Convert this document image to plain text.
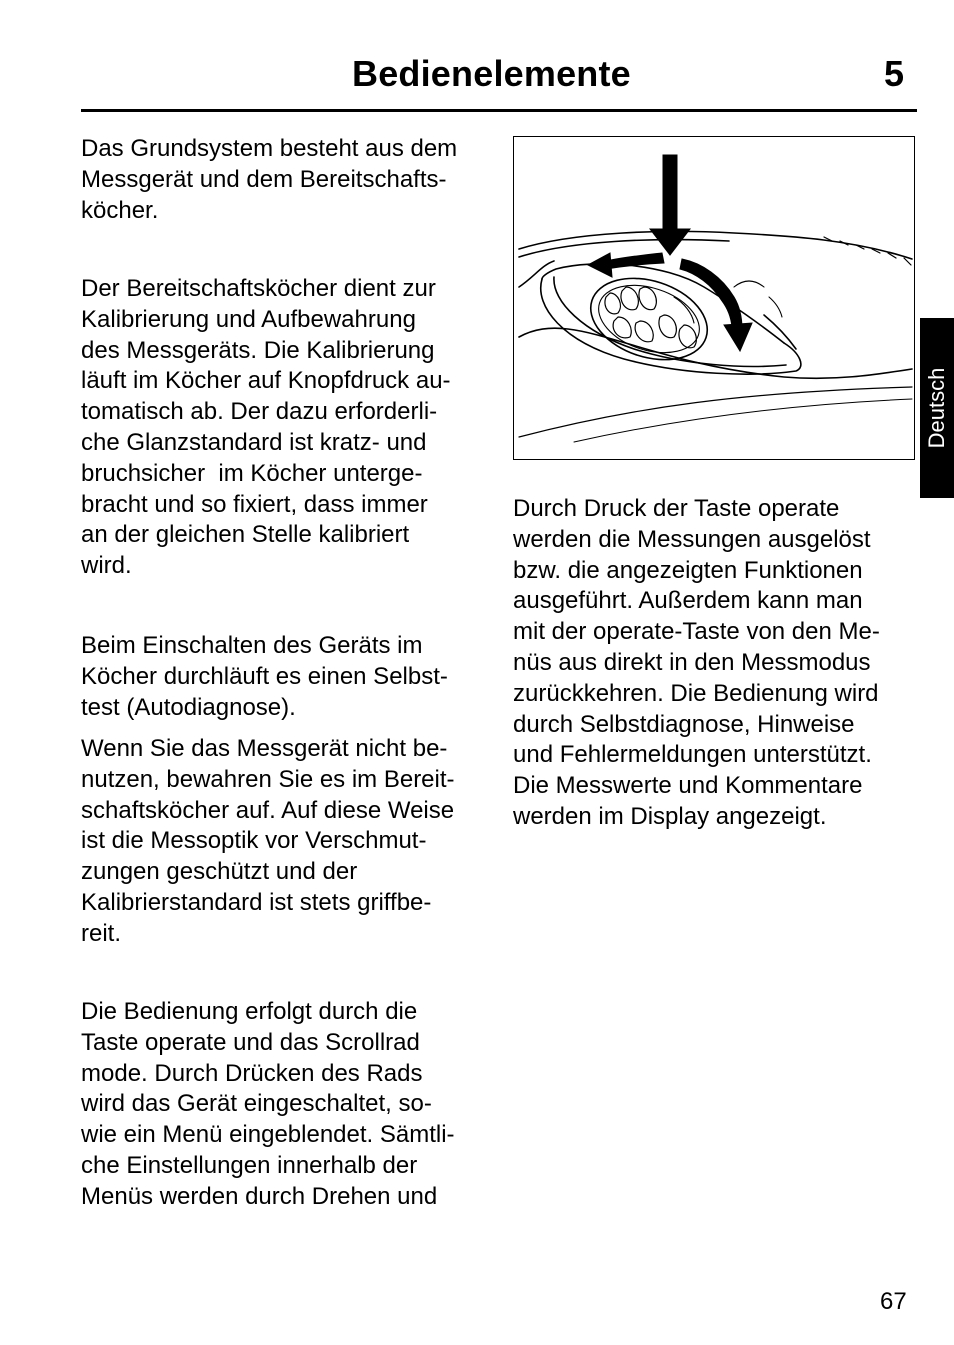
Bedienelemente	5

Das Grundsystem besteht aus dem
Messgerät und dem Bereitschafts-
köcher.

Der Bereitschaftsköcher dient zur
Kalibrierung und Aufbewahrung
des Messgeräts. Die Kalibrierung
läuft im Köcher auf Knopfdruck au-
tomatisch ab. Der dazu erforderli-
che Glanzstandard ist kratz- und
bruchsicher  im Köcher unterge-
bracht und so fixiert, dass immer
an der gleichen Stelle kalibriert
wird.

Beim Einschalten des Geräts im
Köcher durchläuft es einen Selbst-
test (Autodiagnose).

Wenn Sie das Messgerät nicht be-
nutzen, bewahren Sie es im Bereit-
schaftsköcher auf. Auf diese Weise
ist die Messoptik vor Verschmut-
zungen geschützt und der
Kalibrierstandard ist stets griffbe-
reit.

Die Bedienung erfolgt durch die
Taste operate und das Scrollrad
mode. Durch Drücken des Rads
wird das Gerät eingeschaltet, so-
wie ein Menü eingeblendet. Sämtli-
che Einstellungen innerhalb der
Menüs werden durch Drehen und

Durch Druck der Taste operate
werden die Messungen ausgelöst
bzw. die angezeigten Funktionen
ausgeführt. Außerdem kann man
mit der operate-Taste von den Me-
nüs aus direkt in den Messmodus
zurückkehren. Die Bedienung wird
durch Selbstdiagnose, Hinweise
und Fehlermeldungen unterstützt.
Die Messwerte und Kommentare
werden im Display angezeigt.

Deutsch
67
